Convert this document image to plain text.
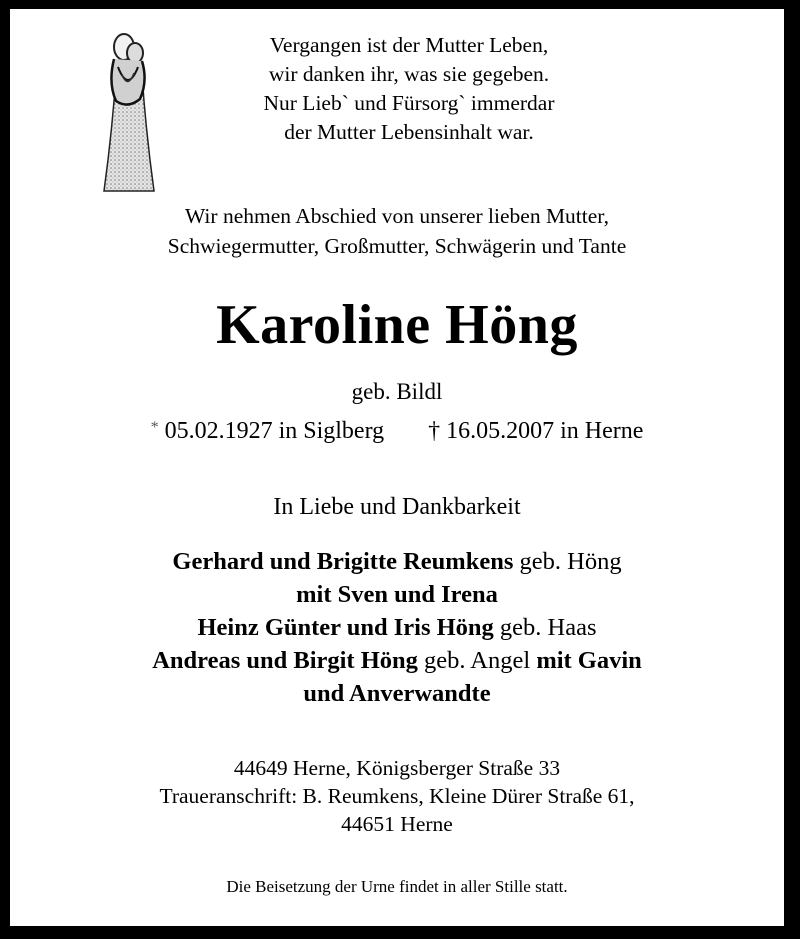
Vergangen ist der Mutter Leben,
wir danken ihr, was sie gegeben.
Nur Lieb` und Fürsorg` immerdar
der Mutter Lebensinhalt war.
Wir nehmen Abschied von unserer lieben Mutter,
Schwiegermutter, Großmutter, Schwägerin und Tante
Karoline Höng
geb. Bildl
* 05.02.1927 in Siglberg † 16.05.2007 in Herne
In Liebe und Dankbarkeit
Gerhard und Brigitte Reumkens geb. Höng
mit Sven und Irena
Heinz Günter und Iris Höng geb. Haas
Andreas und Birgit Höng geb. Angel mit Gavin
und Anverwandte
44649 Herne, Königsberger Straße 33
Traueranschrift: B. Reumkens, Kleine Dürer Straße 61,
44651 Herne
Die Beisetzung der Urne findet in aller Stille statt.
